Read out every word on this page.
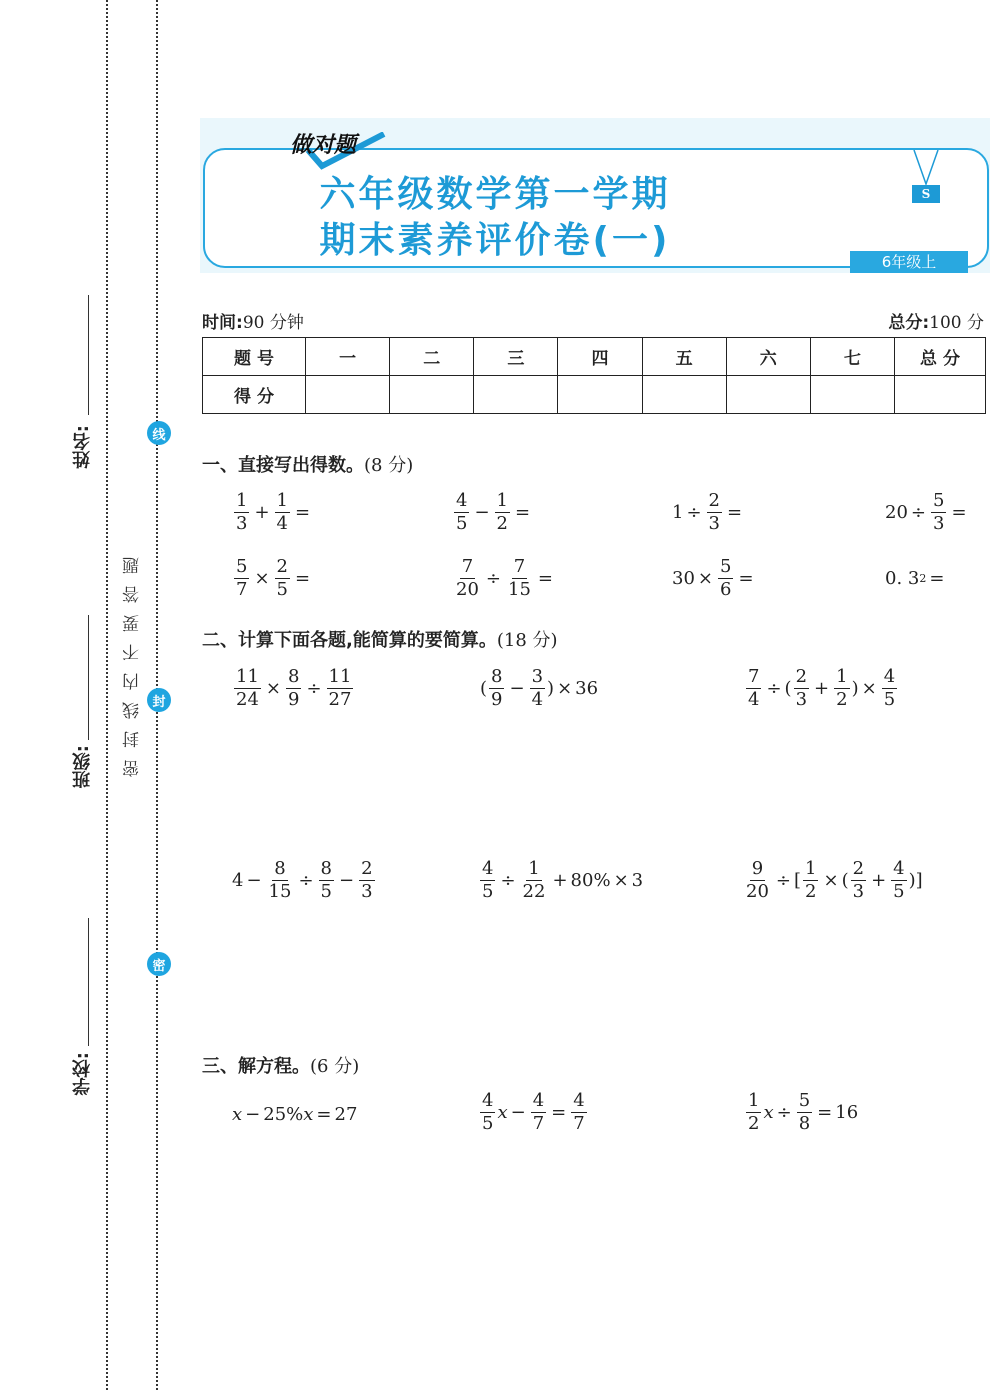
姓名:
班级:
学校:
密封线内不要答题
线
封
密
做对题
六年级数学第一学期
期末素养评价卷(一)
S
6年级上
时间:90 分钟	总分:100 分
题 号	一	二	三	四	五	六	七	总 分
得 分								
一、直接写出得数。(8 分)
$\frac{1}{3} + \frac{1}{4}$ =	$\frac{4}{5} - \frac{1}{2}$ =	$1 \div \frac{2}{3}$ =	$20 \div \frac{5}{3}$ =
$\frac{5}{7} \times \frac{2}{5}$ =	$\frac{7}{20} \div \frac{7}{15}$ =	$30 \times \frac{5}{6}$ =	0. 3 2 =
二、计算下面各题,能简算的要简算。(18 分)
$\frac{11}{24} \times \frac{8}{9} \div \frac{11}{27}$	( $\frac{8}{9} - \frac{3}{4}$ ) × 36	$\frac{7}{4}$ ÷ ( $\frac{2}{3} + \frac{1}{2}$ ) × $\frac{4}{5}$
$4 - \frac{8}{15} \div \frac{8}{5} - \frac{2}{3}$	$\frac{4}{5} \div \frac{1}{22} + 80\% \times 3$	$\frac{9}{20}$ ÷ [ $\frac{1}{2}$ × ( $\frac{2}{3} + \frac{4}{5}$ ) ]
三、解方程。(6 分)
x − 25% x = 27	$\frac{4}{5}$ $x - \frac{4}{7} = \frac{4}{7}$	$\frac{1}{2}$ $x \div \frac{5}{8} = 16$
